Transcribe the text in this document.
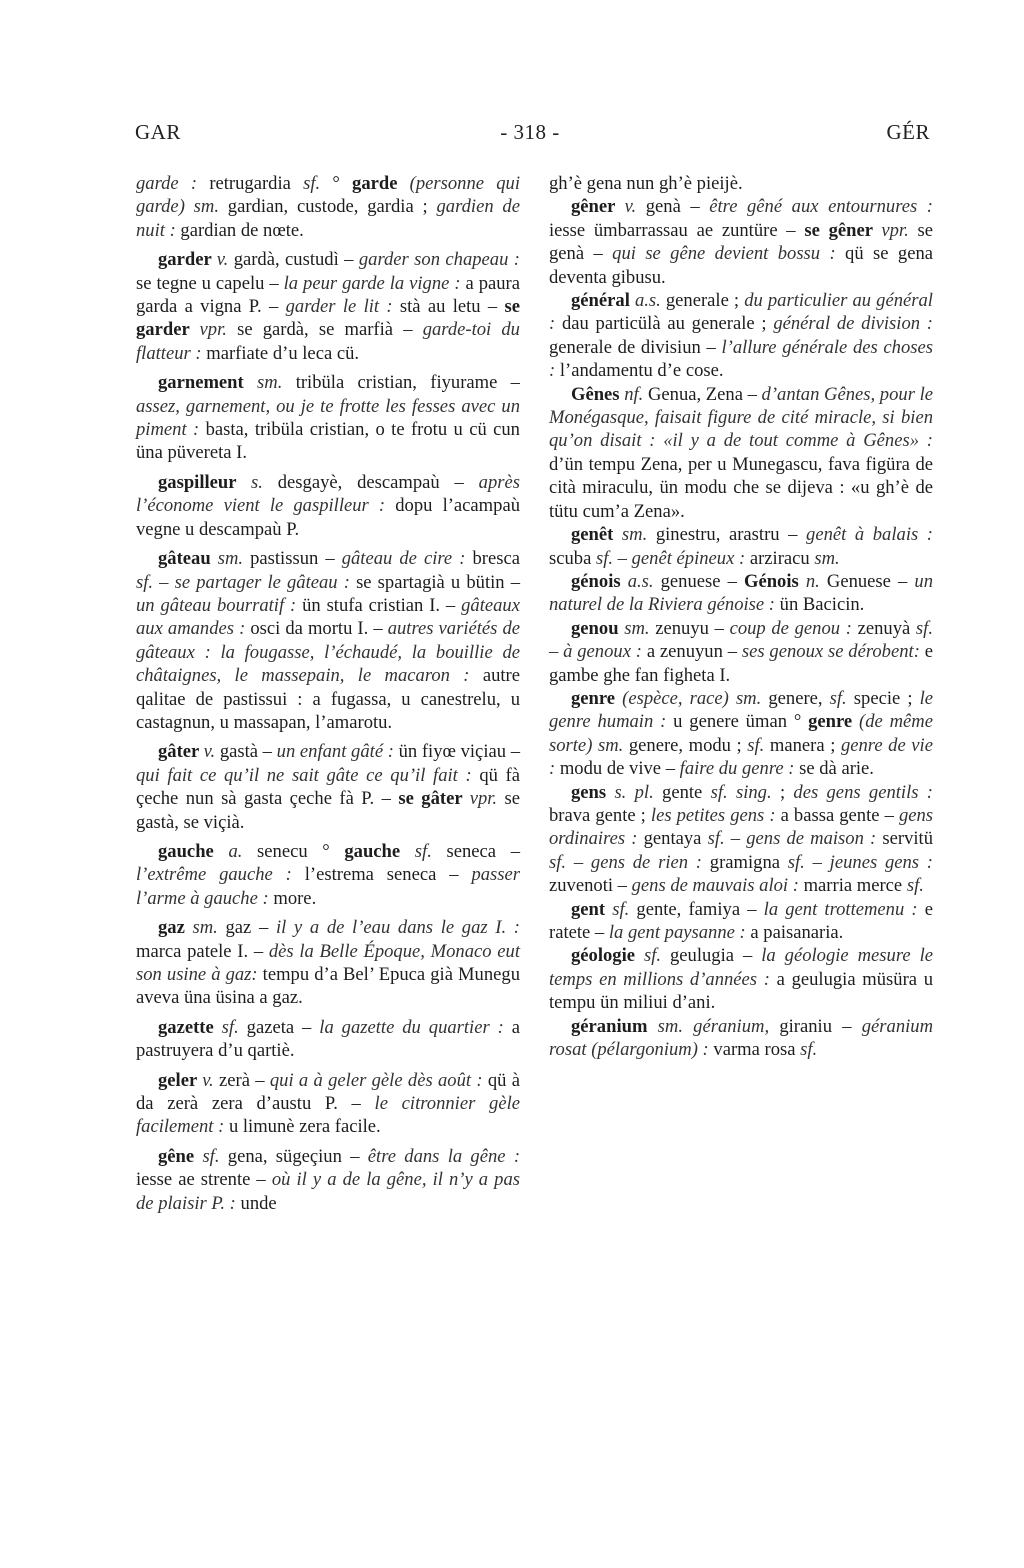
GAR	- 318 -	GÉR

garde : retrugardia sf. ° garde (personne qui garde) sm. gardian, custode, gardia ; gardien de nuit : gardian de nœte.

garder v. gardà, custudì – garder son chapeau : se tegne u capelu – la peur garde la vigne : a paura garda a vigna P. – garder le lit : stà au letu – se garder vpr. se gardà, se marfià – garde-toi du flatteur : marfiate d’u leca cü.

garnement sm. tribüla cristian, fiyurame – assez, garnement, ou je te frotte les fesses avec un piment : basta, tribüla cristian, o te frotu u cü cun üna püvereta I.

gaspilleur s. desgayè, descampaù – après l’économe vient le gaspilleur : dopu l’acampaù vegne u descampaù P.

gâteau sm. pastissun – gâteau de cire : bresca sf. – se partager le gâteau : se spartagià u bütin – un gâteau bourratif : ün stufa cristian I. – gâteaux aux amandes : osci da mortu I. – autres variétés de gâteaux : la fougasse, l’échaudé, la bouillie de châtaignes, le massepain, le macaron : autre qalitae de pastissui : a fugassa, u canestrelu, u castagnun, u massapan, l’amarotu.

gâter v. gastà – un enfant gâté : ün fiyœ viçiau – qui fait ce qu’il ne sait gâte ce qu’il fait : qü fà çeche nun sà gasta çeche fà P. – se gâter vpr. se gastà, se viçià.

gauche a. senecu ° gauche sf. seneca – l’extrême gauche : l’estrema seneca – passer l’arme à gauche : more.

gaz sm. gaz – il y a de l’eau dans le gaz I. : marca patele I. – dès la Belle Époque, Monaco eut son usine à gaz: tempu d’a Bel’ Epuca già Munegu aveva üna üsina a gaz.

gazette sf. gazeta – la gazette du quartier : a pastruyera d’u qartiè.

geler v. zerà – qui a à geler gèle dès août : qü à da zerà zera d’austu P. – le citronnier gèle facilement : u limunè zera facile.

gêne sf. gena, sügeçiun – être dans la gêne : iesse ae strente – où il y a de la gêne, il n’y a pas de plaisir P. : unde

gh’è gena nun gh’è pieijè.

gêner v. genà – être gêné aux entournures : iesse ümbarrassau ae zuntüre – se gêner vpr. se genà – qui se gêne devient bossu : qü se gena deventa gibusu.

général a.s. generale ; du particulier au général : dau particülà au generale ; général de division : generale de divisiun – l’allure générale des choses : l’andamentu d’e cose.

Gênes nf. Genua, Zena – d’antan Gênes, pour le Monégasque, faisait figure de cité miracle, si bien qu’on disait : «il y a de tout comme à Gênes» : d’ün tempu Zena, per u Munegascu, fava figüra de cità miraculu, ün modu che se dijeva : «u gh’è de tütu cum’a Zena».

genêt sm. ginestru, arastru – genêt à balais : scuba sf. – genêt épineux : arziracu sm.

génois a.s. genuese – Génois n. Genuese – un naturel de la Riviera génoise : ün Bacicin.

genou sm. zenuyu – coup de genou : zenuyà sf. – à genoux : a zenuyun – ses genoux se dérobent: e gambe ghe fan figheta I.

genre (espèce, race) sm. genere, sf. specie ; le genre humain : u genere üman ° genre (de même sorte) sm. genere, modu ; sf. manera ; genre de vie : modu de vive – faire du genre : se dà arie.

gens s. pl. gente sf. sing. ; des gens gentils : brava gente ; les petites gens : a bassa gente – gens ordinaires : gentaya sf. – gens de maison : servitü sf. – gens de rien : gramigna sf. – jeunes gens : zuvenoti – gens de mauvais aloi : marria merce sf.

gent sf. gente, famiya – la gent trottemenu : e ratete – la gent paysanne : a paisanaria.

géologie sf. geulugia – la géologie mesure le temps en millions d’années : a geulugia müsüra u tempu ün miliui d’ani.

géranium sm. géranium, giraniu – géranium rosat (pélargonium) : varma rosa sf.
